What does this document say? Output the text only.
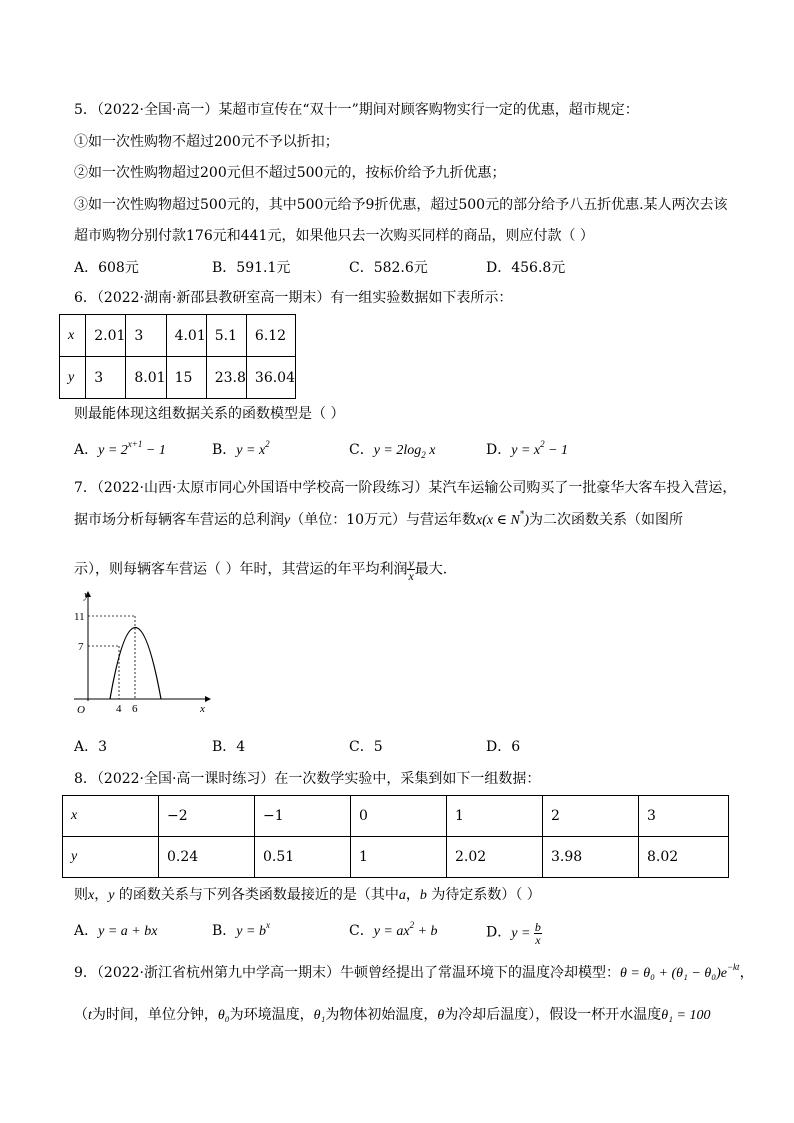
5．（2022·全国·高一）某超市宣传在“双十一”期间对顾客购物实行一定的优惠，超市规定：
①如一次性购物不超过200元不予以折扣；
②如一次性购物超过200元但不超过500元的，按标价给予九折优惠；
③如一次性购物超过500元的，其中500元给予9折优惠，超过500元的部分给予八五折优惠.某人两次去该
超市购物分别付款176元和441元，如果他只去一次购买同样的商品，则应付款（ ）
A．608元	B．591.1元	C．582.6元	D．456.8元
6．（2022·湖南·新邵县教研室高一期末）有一组实验数据如下表所示：
x	2.01	3	4.01	5.1	6.12
y	3	8.01	15	23.8	36.04
则最能体现这组数据关系的函数模型是（ ）
A．$y = 2^{x+1} - 1$	B．$y = x^2$	C．$y = 2\log_2$ x	D．$y = x^2 - 1$
7．（2022·山西·太原市同心外国语中学校高一阶段练习）某汽车运输公司购买了一批豪华大客车投入营运，
据市场分析每辆客车营运的总利润y（单位：10万元）与营运年数x(x ∈ N*)为二次函数关系（如图所
示），则每辆客车营运（ ）年时，其营运的年平均利润 $\frac{y}{x}$ 最大.
y
x
O
11
7
4 6
A．3	B．4	C．5	D．6
8．（2022·全国·高一课时练习）在一次数学实验中，采集到如下一组数据：
x	−2	−1	0	1	2	3
y	0.24	0.51	1	2.02	3.98	8.02
则x，y 的函数关系与下列各类函数最接近的是（其中a，b 为待定系数）（ ）
A．y = a + bx	B．$y = b^x$	C．$y = ax^2 + b$	D．$y = \frac{b}{x}$
9．（2022·浙江省杭州第九中学高一期末）牛顿曾经提出了常温环境下的温度冷却模型：$\theta = \theta_0 + (\theta_1 - \theta_0)e^{-kt}$，
（t为时间，单位分钟，θ₀为环境温度，θ₁为物体初始温度，θ为冷却后温度），假设一杯开水温度θ₁ = 100
